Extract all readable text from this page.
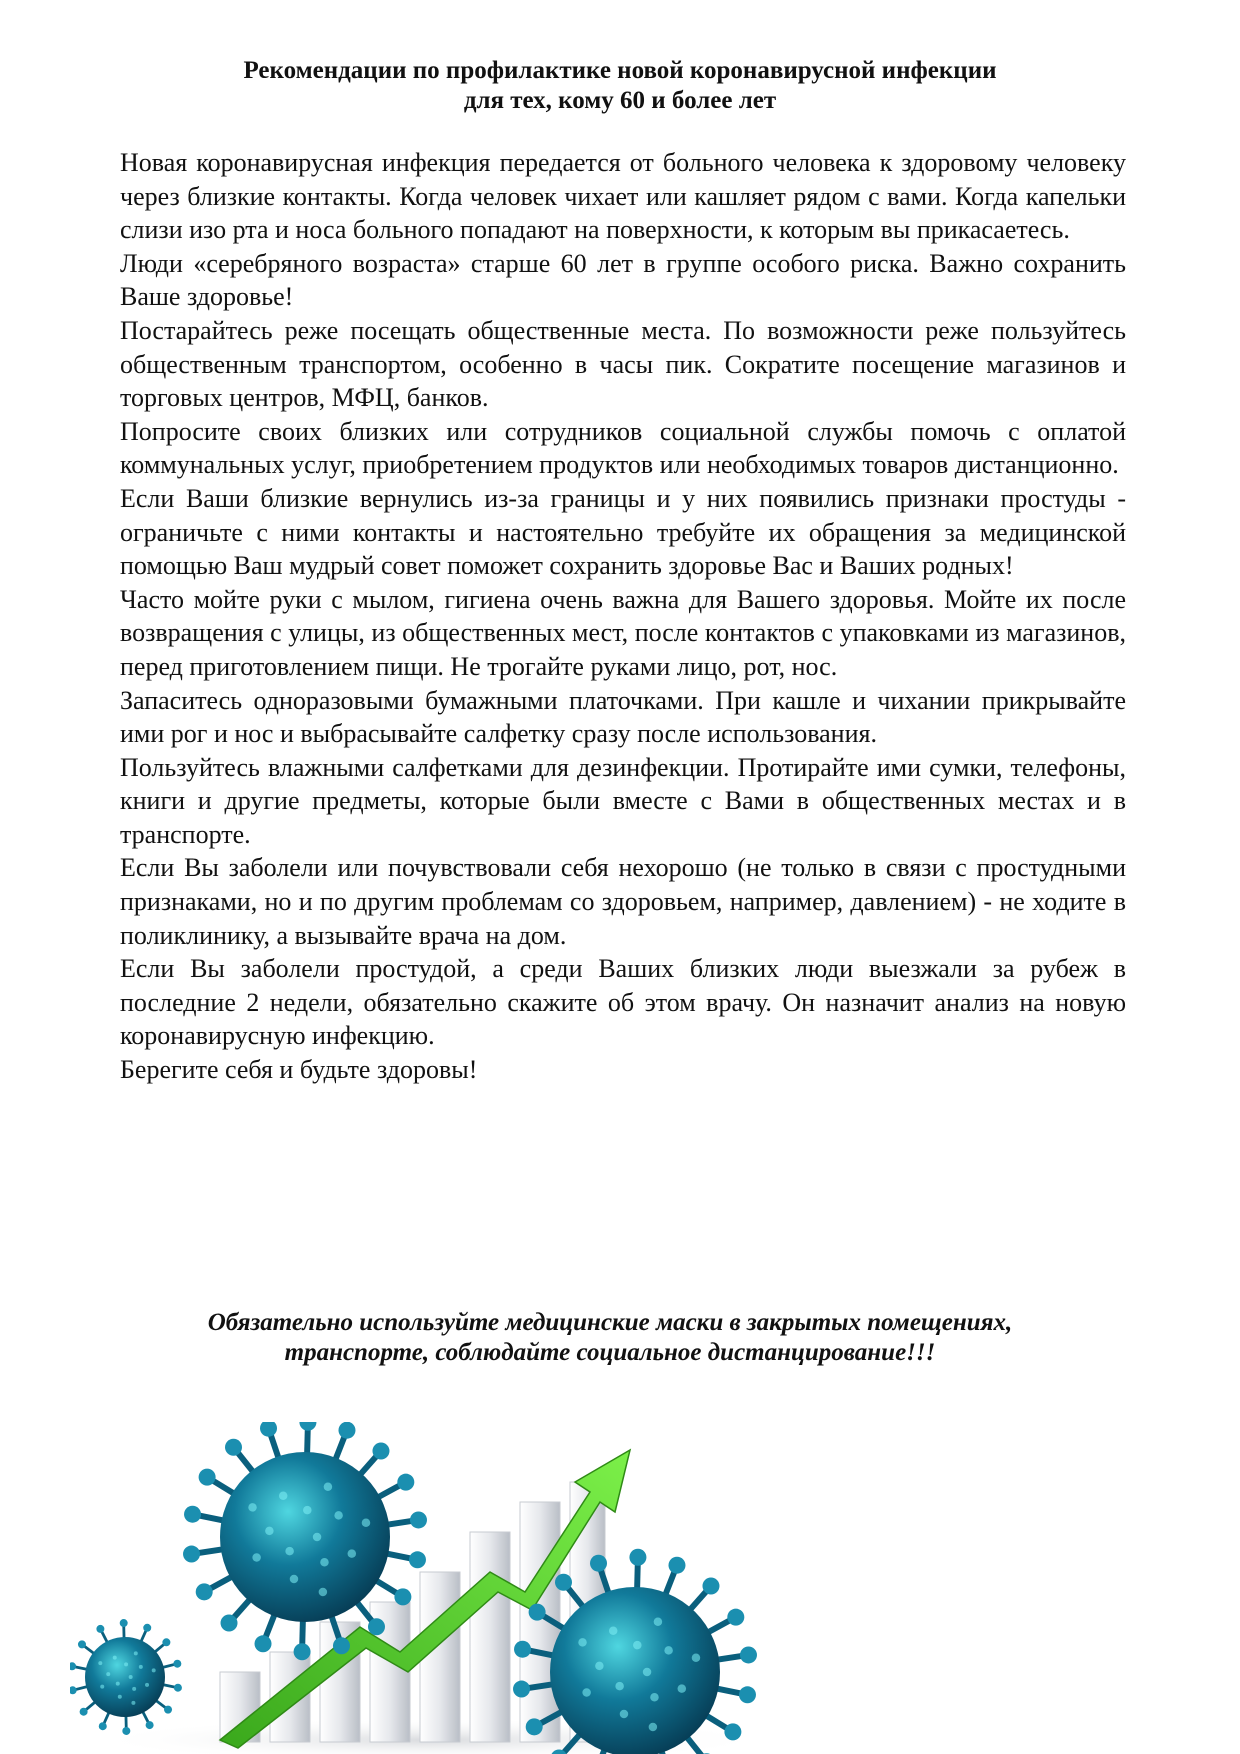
Рекомендации по профилактике новой коронавирусной инфекции
для тех, кому 60 и более лет

Новая коронавирусная инфекция передается от больного человека к здоровому человеку через близкие контакты. Когда человек чихает или кашляет рядом с вами. Когда капельки слизи изо рта и носа больного попадают на поверхности, к которым вы прикасаетесь.

Люди «серебряного возраста» старше 60 лет в группе особого риска. Важно сохранить Ваше здоровье!

Постарайтесь реже посещать общественные места. По возможности реже пользуйтесь общественным транспортом, особенно в часы пик. Сократите посещение магазинов и торговых центров, МФЦ, банков.

Попросите своих близких или сотрудников социальной службы помочь с оплатой коммунальных услуг, приобретением продуктов или необходимых товаров дистанционно.

Если Ваши близкие вернулись из-за границы и у них появились признаки простуды - ограничьте с ними контакты и настоятельно требуйте их обращения за медицинской помощью Ваш мудрый совет поможет сохранить здоровье Вас и Ваших родных!

Часто мойте руки с мылом, гигиена очень важна для Вашего здоровья. Мойте их после возвращения с улицы, из общественных мест, после контактов с упаковками из магазинов, перед приготовлением пищи. Не трогайте руками лицо, рот, нос.

Запаситесь одноразовыми бумажными платочками. При кашле и чихании прикрывайте ими рог и нос и выбрасывайте салфетку сразу после использования.

Пользуйтесь влажными салфетками для дезинфекции. Протирайте ими сумки, телефоны, книги и другие предметы, которые были вместе с Вами в общественных местах и в транспорте.

Если Вы заболели или почувствовали себя нехорошо (не только в связи с простудными признаками, но и по другим проблемам со здоровьем, например, давлением) - не ходите в поликлинику, а вызывайте врача на дом.

Если Вы заболели простудой, а среди Ваших близких люди выезжали за рубеж в последние 2 недели, обязательно скажите об этом врачу. Он назначит анализ на новую коронавирусную инфекцию.

Берегите себя и будьте здоровы!

Обязательно используйте медицинские маски в закрытых помещениях,
транспорте, соблюдайте социальное дистанцирование!!!
